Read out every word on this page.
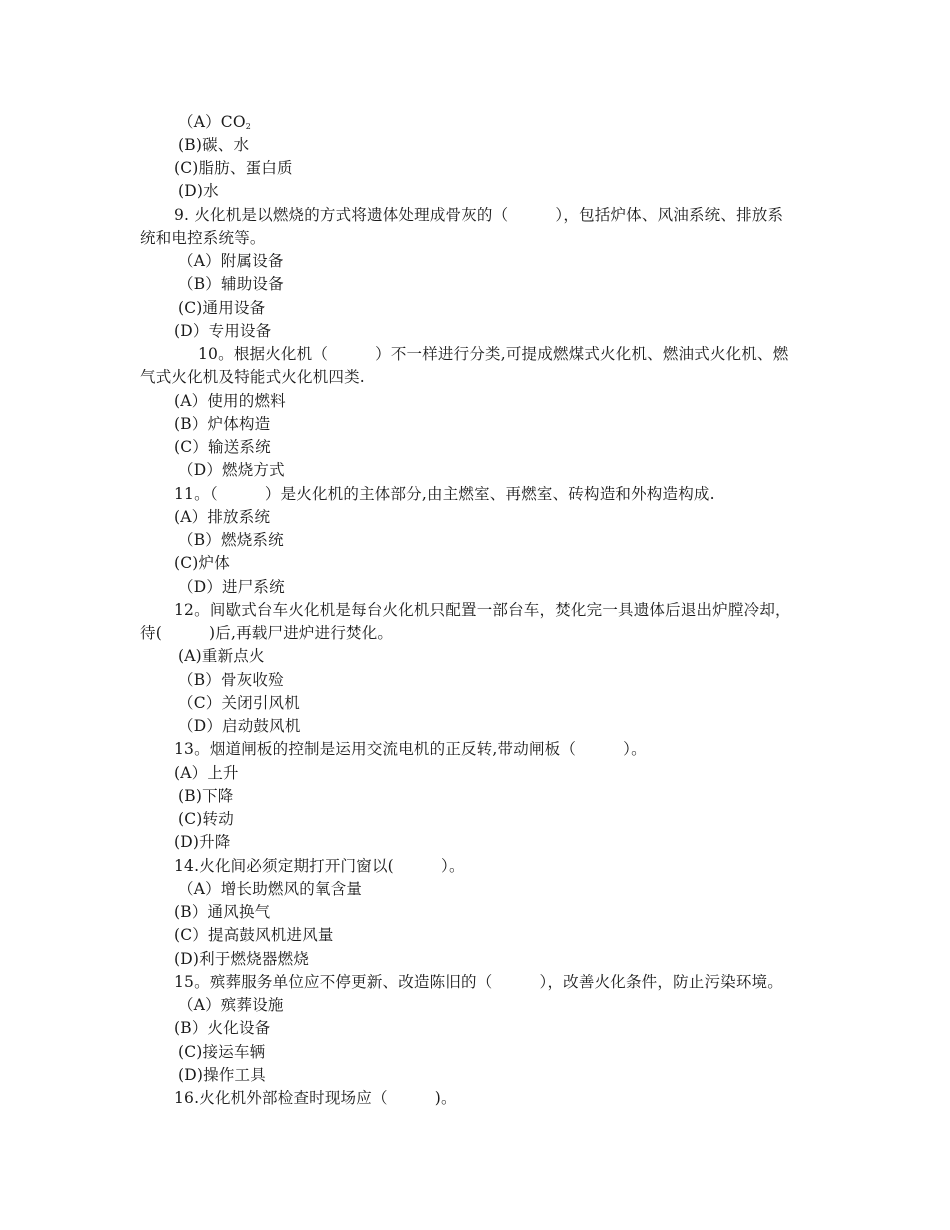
$(A)CO_2$
(B)碳、水
(C)脂肪、蛋白质
(D)水
9. 火化机是以燃烧的方式将遗体处理成骨灰的（　　　），包括炉体、风油系统、排放系
统和电控系统等。
（A）附属设备
（B）辅助设备
(C)通用设备
(D）专用设备
10。根据火化机（　　　）不一样进行分类,可提成燃煤式火化机、燃油式火化机、燃
气式火化机及特能式火化机四类.
(A）使用的燃料
(B）炉体构造
(C）输送系统
（D）燃烧方式
11。（　　　）是火化机的主体部分,由主燃室、再燃室、砖构造和外构造构成.
(A）排放系统
（B）燃烧系统
(C)炉体
（D）进尸系统
12。间歇式台车火化机是每台火化机只配置一部台车，焚化完一具遗体后退出炉膛冷却，
待(　　　)后,再载尸进炉进行焚化。
(A)重新点火
（B）骨灰收殓
（C）关闭引风机
（D）启动鼓风机
13。烟道闸板的控制是运用交流电机的正反转,带动闸板（　　　）。
(A）上升
(B)下降
(C)转动
(D)升降
14.火化间必须定期打开门窗以(　　　）。
（A）增长助燃风的氧含量
(B）通风换气
(C）提高鼓风机进风量
(D)利于燃烧器燃烧
15。殡葬服务单位应不停更新、改造陈旧的（　　　），改善火化条件，防止污染环境。
（A）殡葬设施
(B）火化设备
(C)接运车辆
(D)操作工具
16.火化机外部检查时现场应（　　　)。
